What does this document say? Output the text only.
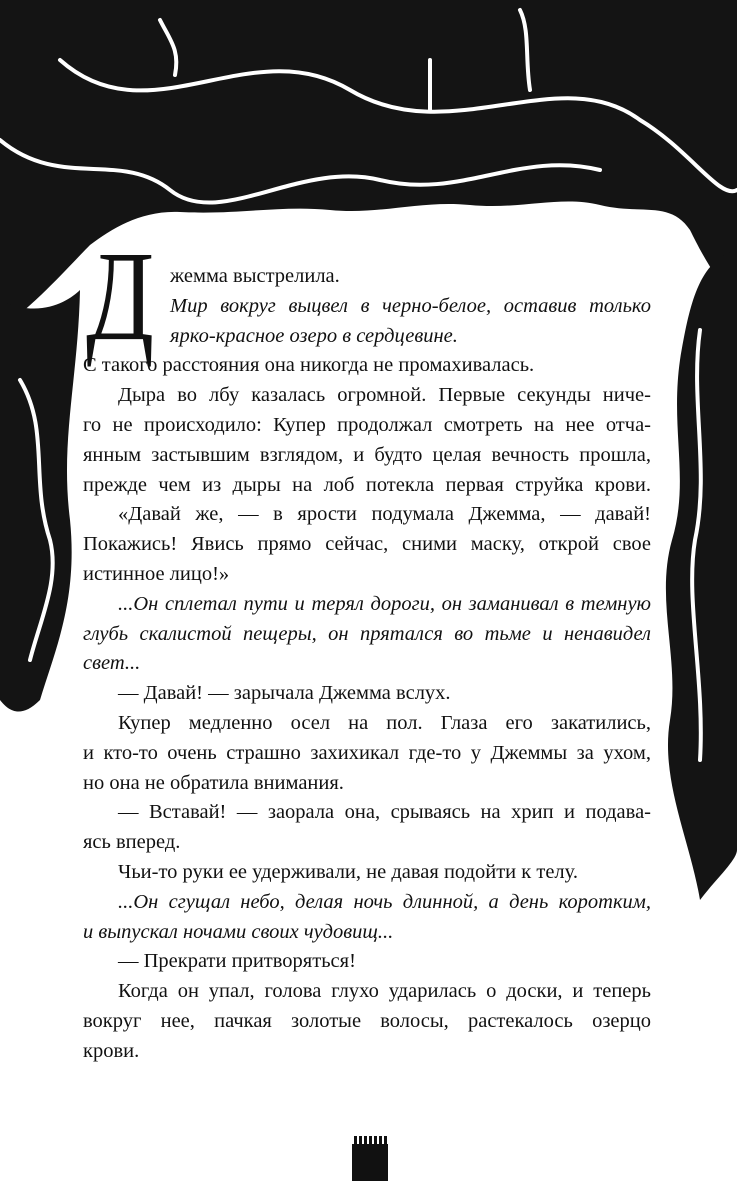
Д жемма выстрелила.
Мир вокруг выцвел в черно-белое, оставив только
ярко-красное озеро в сердцевине.
С такого расстояния она никогда не промахивалась.
Дыра во лбу казалась огромной. Первые секунды ниче-
го не происходило: Купер продолжал смотреть на нее отча-
янным застывшим взглядом, и будто целая вечность прошла,
прежде чем из дыры на лоб потекла первая струйка крови.
«Давай же, — в ярости подумала Джемма, — давай!
Покажись! Явись прямо сейчас, сними маску, открой свое
истинное лицо!»
...Он сплетал пути и терял дороги, он заманивал в темную
глубь скалистой пещеры, он прятался во тьме и ненавидел
свет...
— Давай! — зарычала Джемма вслух.
Купер медленно осел на пол. Глаза его закатились,
и кто-то очень страшно захихикал где-то у Джеммы за ухом,
но она не обратила внимания.
— Вставай! — заорала она, срываясь на хрип и подава-
ясь вперед.
Чьи-то руки ее удерживали, не давая подойти к телу.
...Он сгущал небо, делая ночь длинной, а день коротким,
и выпускал ночами своих чудовищ...
— Прекрати притворяться!
Когда он упал, голова глухо ударилась о доски, и теперь
вокруг нее, пачкая золотые волосы, растекалось озерцо
крови.
